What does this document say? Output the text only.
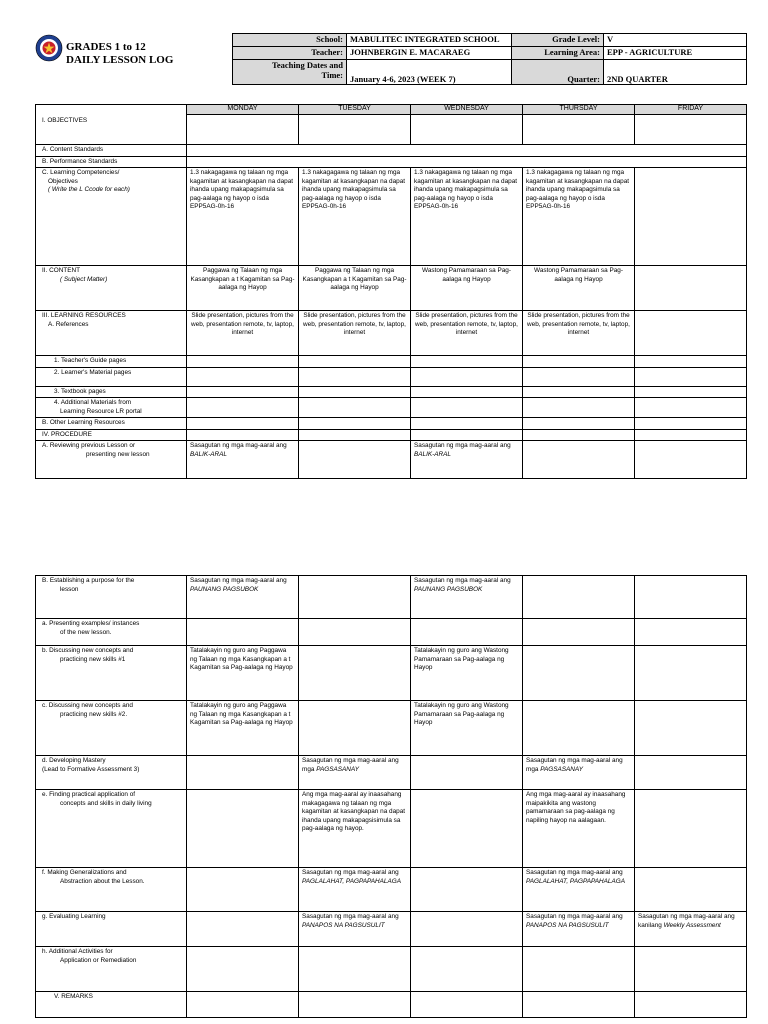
GRADES 1 to 12
DAILY LESSON LOG
School:	MABULITEC INTEGRATED SCHOOL	Grade Level:	V
Teacher:	JOHNBERGIN E. MACARAEG	Learning Area:	EPP - AGRICULTURE

Teaching Dates and
Time:	January 4-6, 2023 (WEEK 7)	Quarter:	2ND QUARTER
I. OBJECTIVES	MONDAY	TUESDAY	WEDNESDAY	THURSDAY	FRIDAY

A. Content Standards					
B. Performance Standards					

C. Learning Competencies/
Objectives
( Write the L Ccode for each)	1.3 nakagagawa ng talaan ng mga kagamitan at kasangkapan na dapat ihanda upang makapagsimula sa pag-aalaga ng hayop o isda EPP5AG-0h-16	1.3 nakagagawa ng talaan ng mga kagamitan at kasangkapan na dapat ihanda upang makapagsimula sa pag-aalaga ng hayop o isda EPP5AG-0h-16	1.3 nakagagawa ng talaan ng mga kagamitan at kasangkapan na dapat ihanda upang makapagsimula sa pag-aalaga ng hayop o isda EPP5AG-0h-16	1.3 nakagagawa ng talaan ng mga kagamitan at kasangkapan na dapat ihanda upang makapagsimula sa pag-aalaga ng hayop o isda EPP5AG-0h-16	

II. CONTENT
( Subject Matter)	Paggawa ng Talaan ng mga Kasangkapan a t Kagamitan sa Pag-aalaga ng Hayop	Paggawa ng Talaan ng mga Kasangkapan a t Kagamitan sa Pag-aalaga ng Hayop	Wastong Pamamaraan sa Pag-aalaga ng Hayop	Wastong Pamamaraan sa Pag-aalaga ng Hayop	

III. LEARNING RESOURCES
A. References	Slide presentation, pictures from the web, presentation remote, tv, laptop, internet	Slide presentation, pictures from the web, presentation remote, tv, laptop, internet	Slide presentation, pictures from the web, presentation remote, tv, laptop, internet	Slide presentation, pictures from the web, presentation remote, tv, laptop, internet	
1. Teacher's Guide pages					
2. Learner's Material pages					
3. Textbook pages					

4. Additional Materials from
Learning Resource LR portal					

B. Other Learning Resources					
IV. PROCEDURE					

A. Reviewing previous Lesson or
presenting new lesson	Sasagutan ng mga mag-aaral ang BALIK-ARAL		Sasagutan ng mga mag-aaral ang BALIK-ARAL		
B. Establishing a purpose for the
lesson	Sasagutan ng mga mag-aaral ang PAUNANG PAGSUBOK		Sasagutan ng mga mag-aaral ang PAUNANG PAGSUBOK		

a. Presenting examples/ instances
of the new lesson.					

b. Discussing new concepts and
practicing new skills #1	Tatalakayin ng guro ang Paggawa ng Talaan ng mga Kasangkapan a t Kagamitan sa Pag-aalaga ng Hayop		Tatalakayin ng guro ang Wastong Pamamaraan sa Pag-aalaga ng Hayop		

c. Discussing new concepts and
practicing new skills #2.	Tatalakayin ng guro ang Paggawa ng Talaan ng mga Kasangkapan a t Kagamitan sa Pag-aalaga ng Hayop		Tatalakayin ng guro ang Wastong Pamamaraan sa Pag-aalaga ng Hayop		

d. Developing Mastery
(Lead to Formative Assessment 3)		Sasagutan ng mga mag-aaral ang mga PAGSASANAY		Sasagutan ng mga mag-aaral ang mga PAGSASANAY	

e. Finding practical application of
concepts and skills in daily living		Ang mga mag-aaral ay inaasahang makagagawa ng talaan ng mga kagamitan at kasangkapan na dapat ihanda upang makapagsisimula sa pag-aalaga ng hayop.		Ang mga mag-aaral ay inaasahang maipakikita ang wastong pamamaraan sa pag-aalaga ng napiling hayop na aalagaan.	

f. Making Generalizations and
Abstraction about the Lesson.		Sasagutan ng mga mag-aaral ang PAGLALAHAT, PAGPAPAHALAGA		Sasagutan ng mga mag-aaral ang PAGLALAHAT, PAGPAPAHALAGA	
g. Evaluating Learning		Sasagutan ng mga mag-aaral ang PANAPOS NA PAGSUSULIT		Sasagutan ng mga mag-aaral ang PANAPOS NA PAGSUSULIT	Sasagutan ng mga mag-aaral ang kanilang Weekly Assessment

h. Additional Activities for
Application or Remediation					

V. REMARKS					
